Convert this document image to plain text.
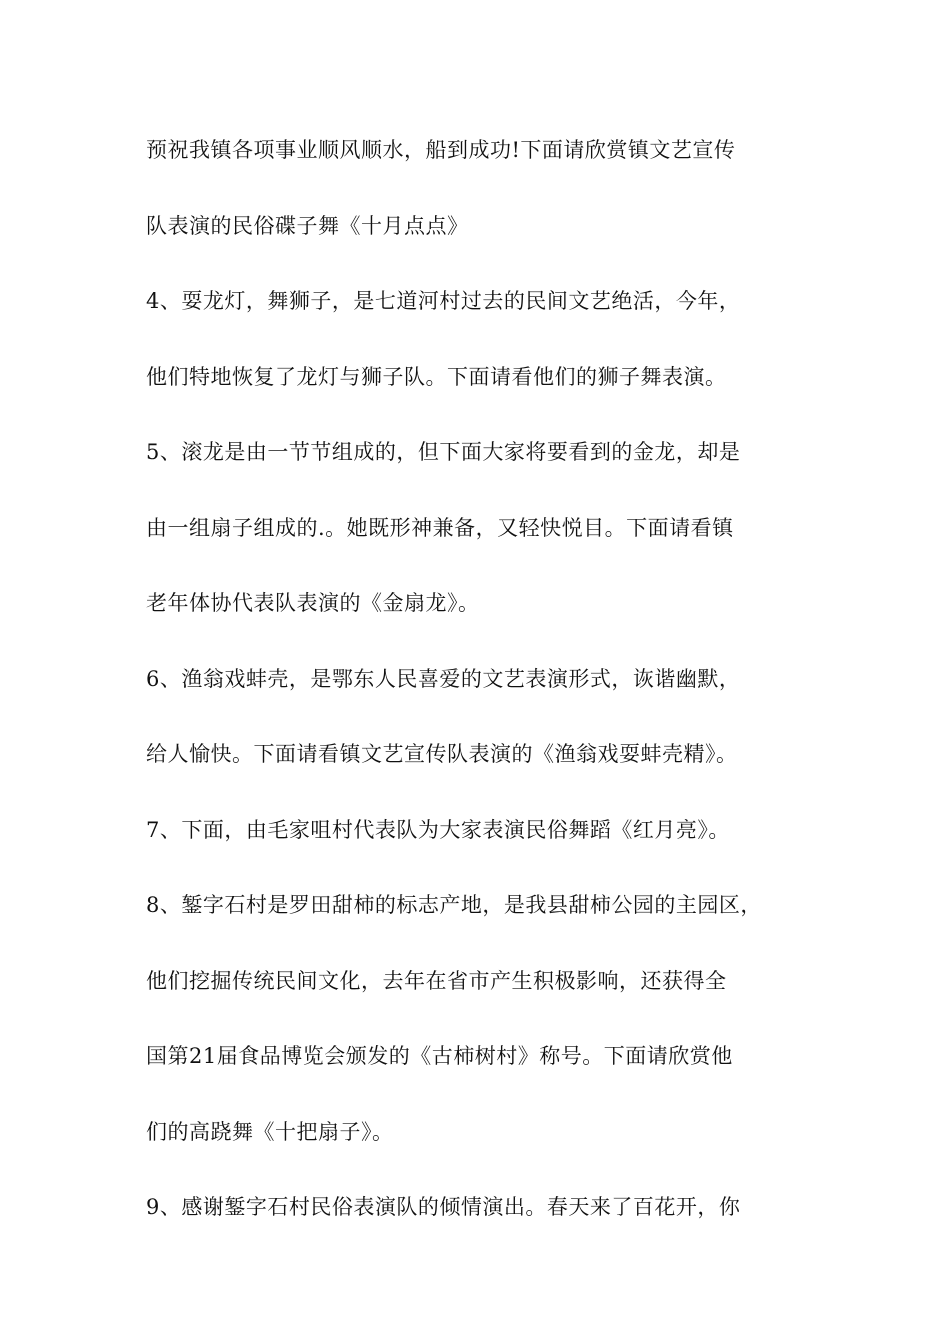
预祝我镇各项事业顺风顺水，船到成功!下面请欣赏镇文艺宣传
队表演的民俗碟子舞《十月点点》
4、耍龙灯，舞狮子，是七道河村过去的民间文艺绝活，今年，
他们特地恢复了龙灯与狮子队。下面请看他们的狮子舞表演。
5、滚龙是由一节节组成的，但下面大家将要看到的金龙，却是
由一组扇子组成的.。她既形神兼备，又轻快悦目。下面请看镇
老年体协代表队表演的《金扇龙》。
6、渔翁戏蚌壳，是鄂东人民喜爱的文艺表演形式，诙谐幽默，
给人愉快。下面请看镇文艺宣传队表演的《渔翁戏耍蚌壳精》。
7、下面，由毛家咀村代表队为大家表演民俗舞蹈《红月亮》。
8、錾字石村是罗田甜柿的标志产地，是我县甜柿公园的主园区，
他们挖掘传统民间文化，去年在省市产生积极影响，还获得全
国第21届食品博览会颁发的《古柿树村》称号。下面请欣赏他
们的高跷舞《十把扇子》。
9、感谢錾字石村民俗表演队的倾情演出。春天来了百花开，你
